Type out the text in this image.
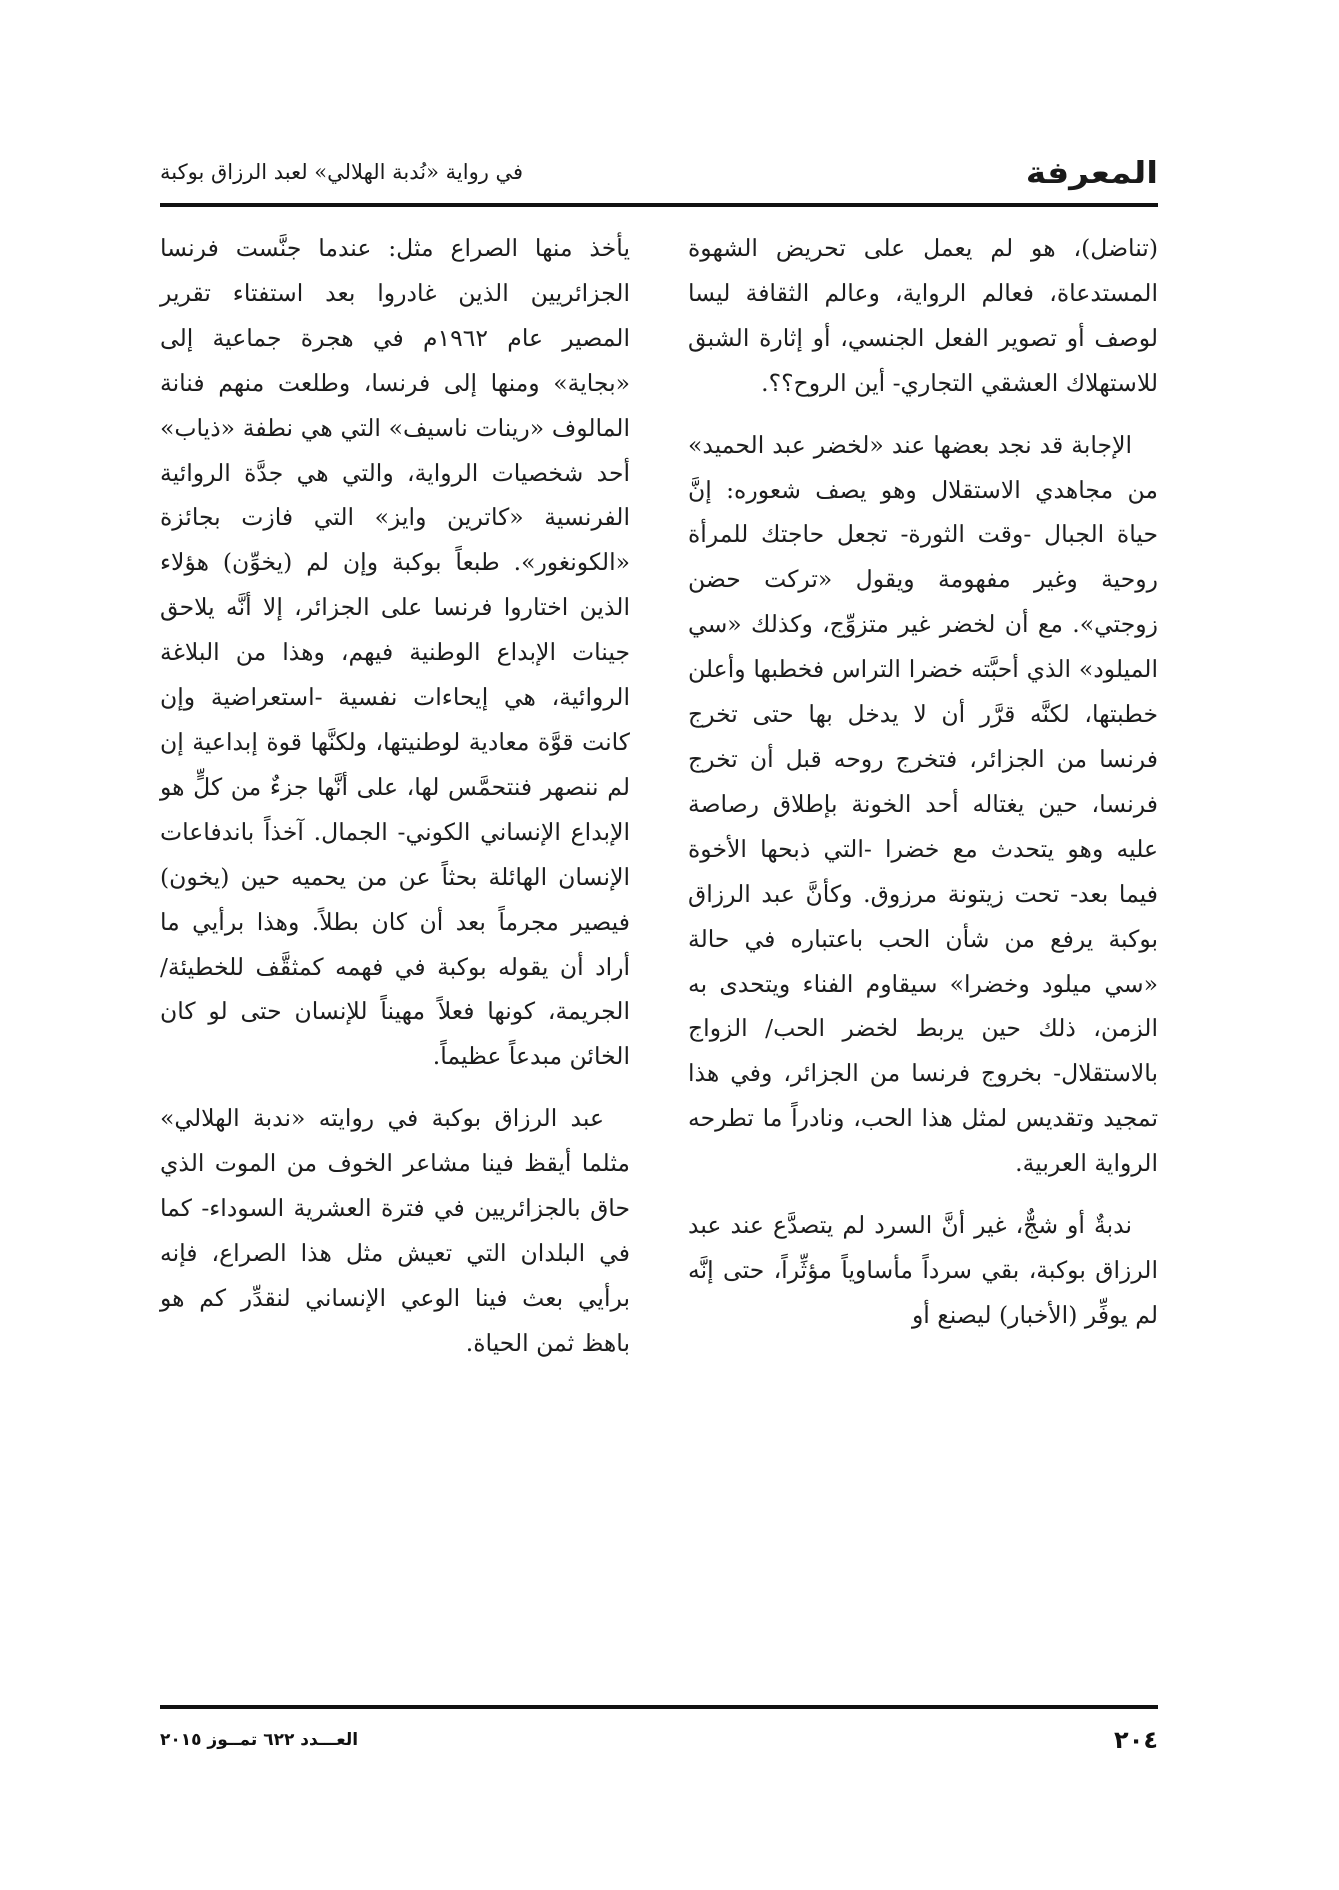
المعرفة
في رواية «نُدبة الهلالي» لعبد الرزاق بوكبة

(تناضل)، هو لم يعمل على تحريض الشهوة المستدعاة، فعالم الرواية، وعالم الثقافة ليسا لوصف أو تصوير الفعل الجنسي، أو إثارة الشبق للاستهلاك العشقي التجاري- أين الروح؟؟.

الإجابة قد نجد بعضها عند «لخضر عبد الحميد» من مجاهدي الاستقلال وهو يصف شعوره: إنَّ حياة الجبال -وقت الثورة- تجعل حاجتك للمرأة روحية وغير مفهومة ويقول «تركت حضن زوجتي». مع أن لخضر غير متزوِّج، وكذلك «سي الميلود» الذي أحبَّته خضرا التراس فخطبها وأعلن خطبتها، لكنَّه قرَّر أن لا يدخل بها حتى تخرج فرنسا من الجزائر، فتخرج روحه قبل أن تخرج فرنسا، حين يغتاله أحد الخونة بإطلاق رصاصة عليه وهو يتحدث مع خضرا -التي ذبحها الأخوة فيما بعد- تحت زيتونة مرزوق. وكأنَّ عبد الرزاق بوكبة يرفع من شأن الحب باعتباره في حالة «سي ميلود وخضرا» سيقاوم الفناء ويتحدى به الزمن، ذلك حين يربط لخضر الحب/ الزواج بالاستقلال- بخروج فرنسا من الجزائر، وفي هذا تمجيد وتقديس لمثل هذا الحب، ونادراً ما تطرحه الرواية العربية.

ندبةٌ أو شجٌّ، غير أنَّ السرد لم يتصدَّع عند عبد الرزاق بوكبة، بقي سرداً مأساوياً مؤثِّراً، حتى إنَّه لم يوفِّر (الأخبار) ليصنع أو

يأخذ منها الصراع مثل: عندما جنَّست فرنسا الجزائريين الذين غادروا بعد استفتاء تقرير المصير عام ١٩٦٢م في هجرة جماعية إلى «بجاية» ومنها إلى فرنسا، وطلعت منهم فنانة المالوف «رينات ناسيف» التي هي نطفة «ذياب» أحد شخصيات الرواية، والتي هي جدَّة الروائية الفرنسية «كاترين وايز» التي فازت بجائزة «الكونغور». طبعاً بوكبة وإن لم (يخوِّن) هؤلاء الذين اختاروا فرنسا على الجزائر، إلا أنَّه يلاحق جينات الإبداع الوطنية فيهم، وهذا من البلاغة الروائية، هي إيحاءات نفسية -استعراضية وإن كانت قوَّة معادية لوطنيتها، ولكنَّها قوة إبداعية إن لم ننصهر فنتحمَّس لها، على أنَّها جزءٌ من كلٍّ هو الإبداع الإنساني الكوني- الجمال. آخذاً باندفاعات الإنسان الهائلة بحثاً عن من يحميه حين (يخون) فيصير مجرماً بعد أن كان بطلاً. وهذا برأيي ما أراد أن يقوله بوكبة في فهمه كمثقَّف للخطيئة/ الجريمة، كونها فعلاً مهيناً للإنسان حتى لو كان الخائن مبدعاً عظيماً.

عبد الرزاق بوكبة في روايته «ندبة الهلالي» مثلما أيقظ فينا مشاعر الخوف من الموت الذي حاق بالجزائريين في فترة العشرية السوداء- كما في البلدان التي تعيش مثل هذا الصراع، فإنه برأيي بعث فينا الوعي الإنساني لنقدِّر كم هو باهظ ثمن الحياة.

٢٠٤
العـــدد ٦٢٢ تمــوز ٢٠١٥
